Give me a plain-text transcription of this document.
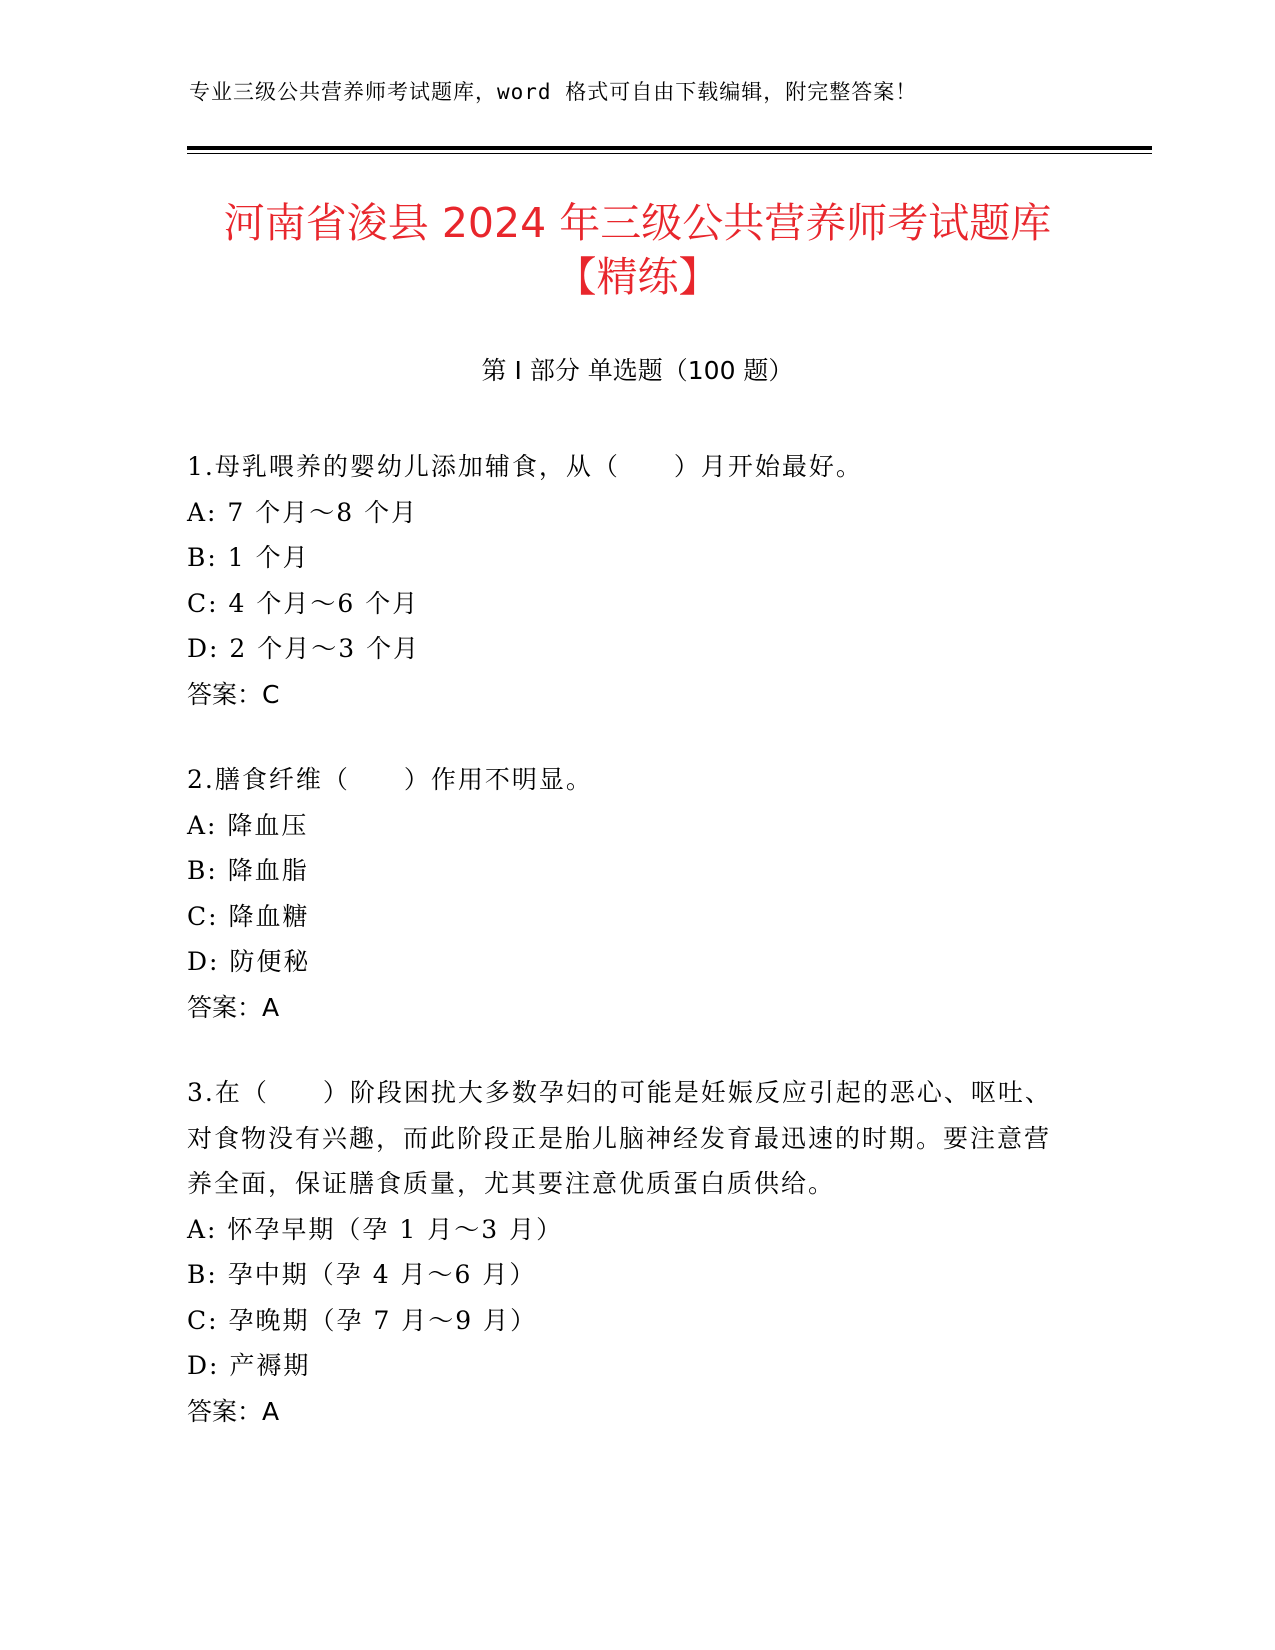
专业三级公共营养师考试题库，word 格式可自由下载编辑，附完整答案！
河南省浚县 2024 年三级公共营养师考试题库
【精练】
第 I 部分 单选题（100 题）
1.母乳喂养的婴幼儿添加辅食，从（　　）月开始最好。
A: 7 个月～8 个月
B: 1 个月
C: 4 个月～6 个月
D: 2 个月～3 个月
答案：C
2.膳食纤维（　　）作用不明显。
A: 降血压
B: 降血脂
C: 降血糖
D: 防便秘
答案：A
3.在（　　）阶段困扰大多数孕妇的可能是妊娠反应引起的恶心、呕吐、对食物没有兴趣，而此阶段正是胎儿脑神经发育最迅速的时期。要注意营养全面，保证膳食质量，尤其要注意优质蛋白质供给。
A: 怀孕早期（孕 1 月～3 月）
B: 孕中期（孕 4 月～6 月）
C: 孕晚期（孕 7 月～9 月）
D: 产褥期
答案：A
